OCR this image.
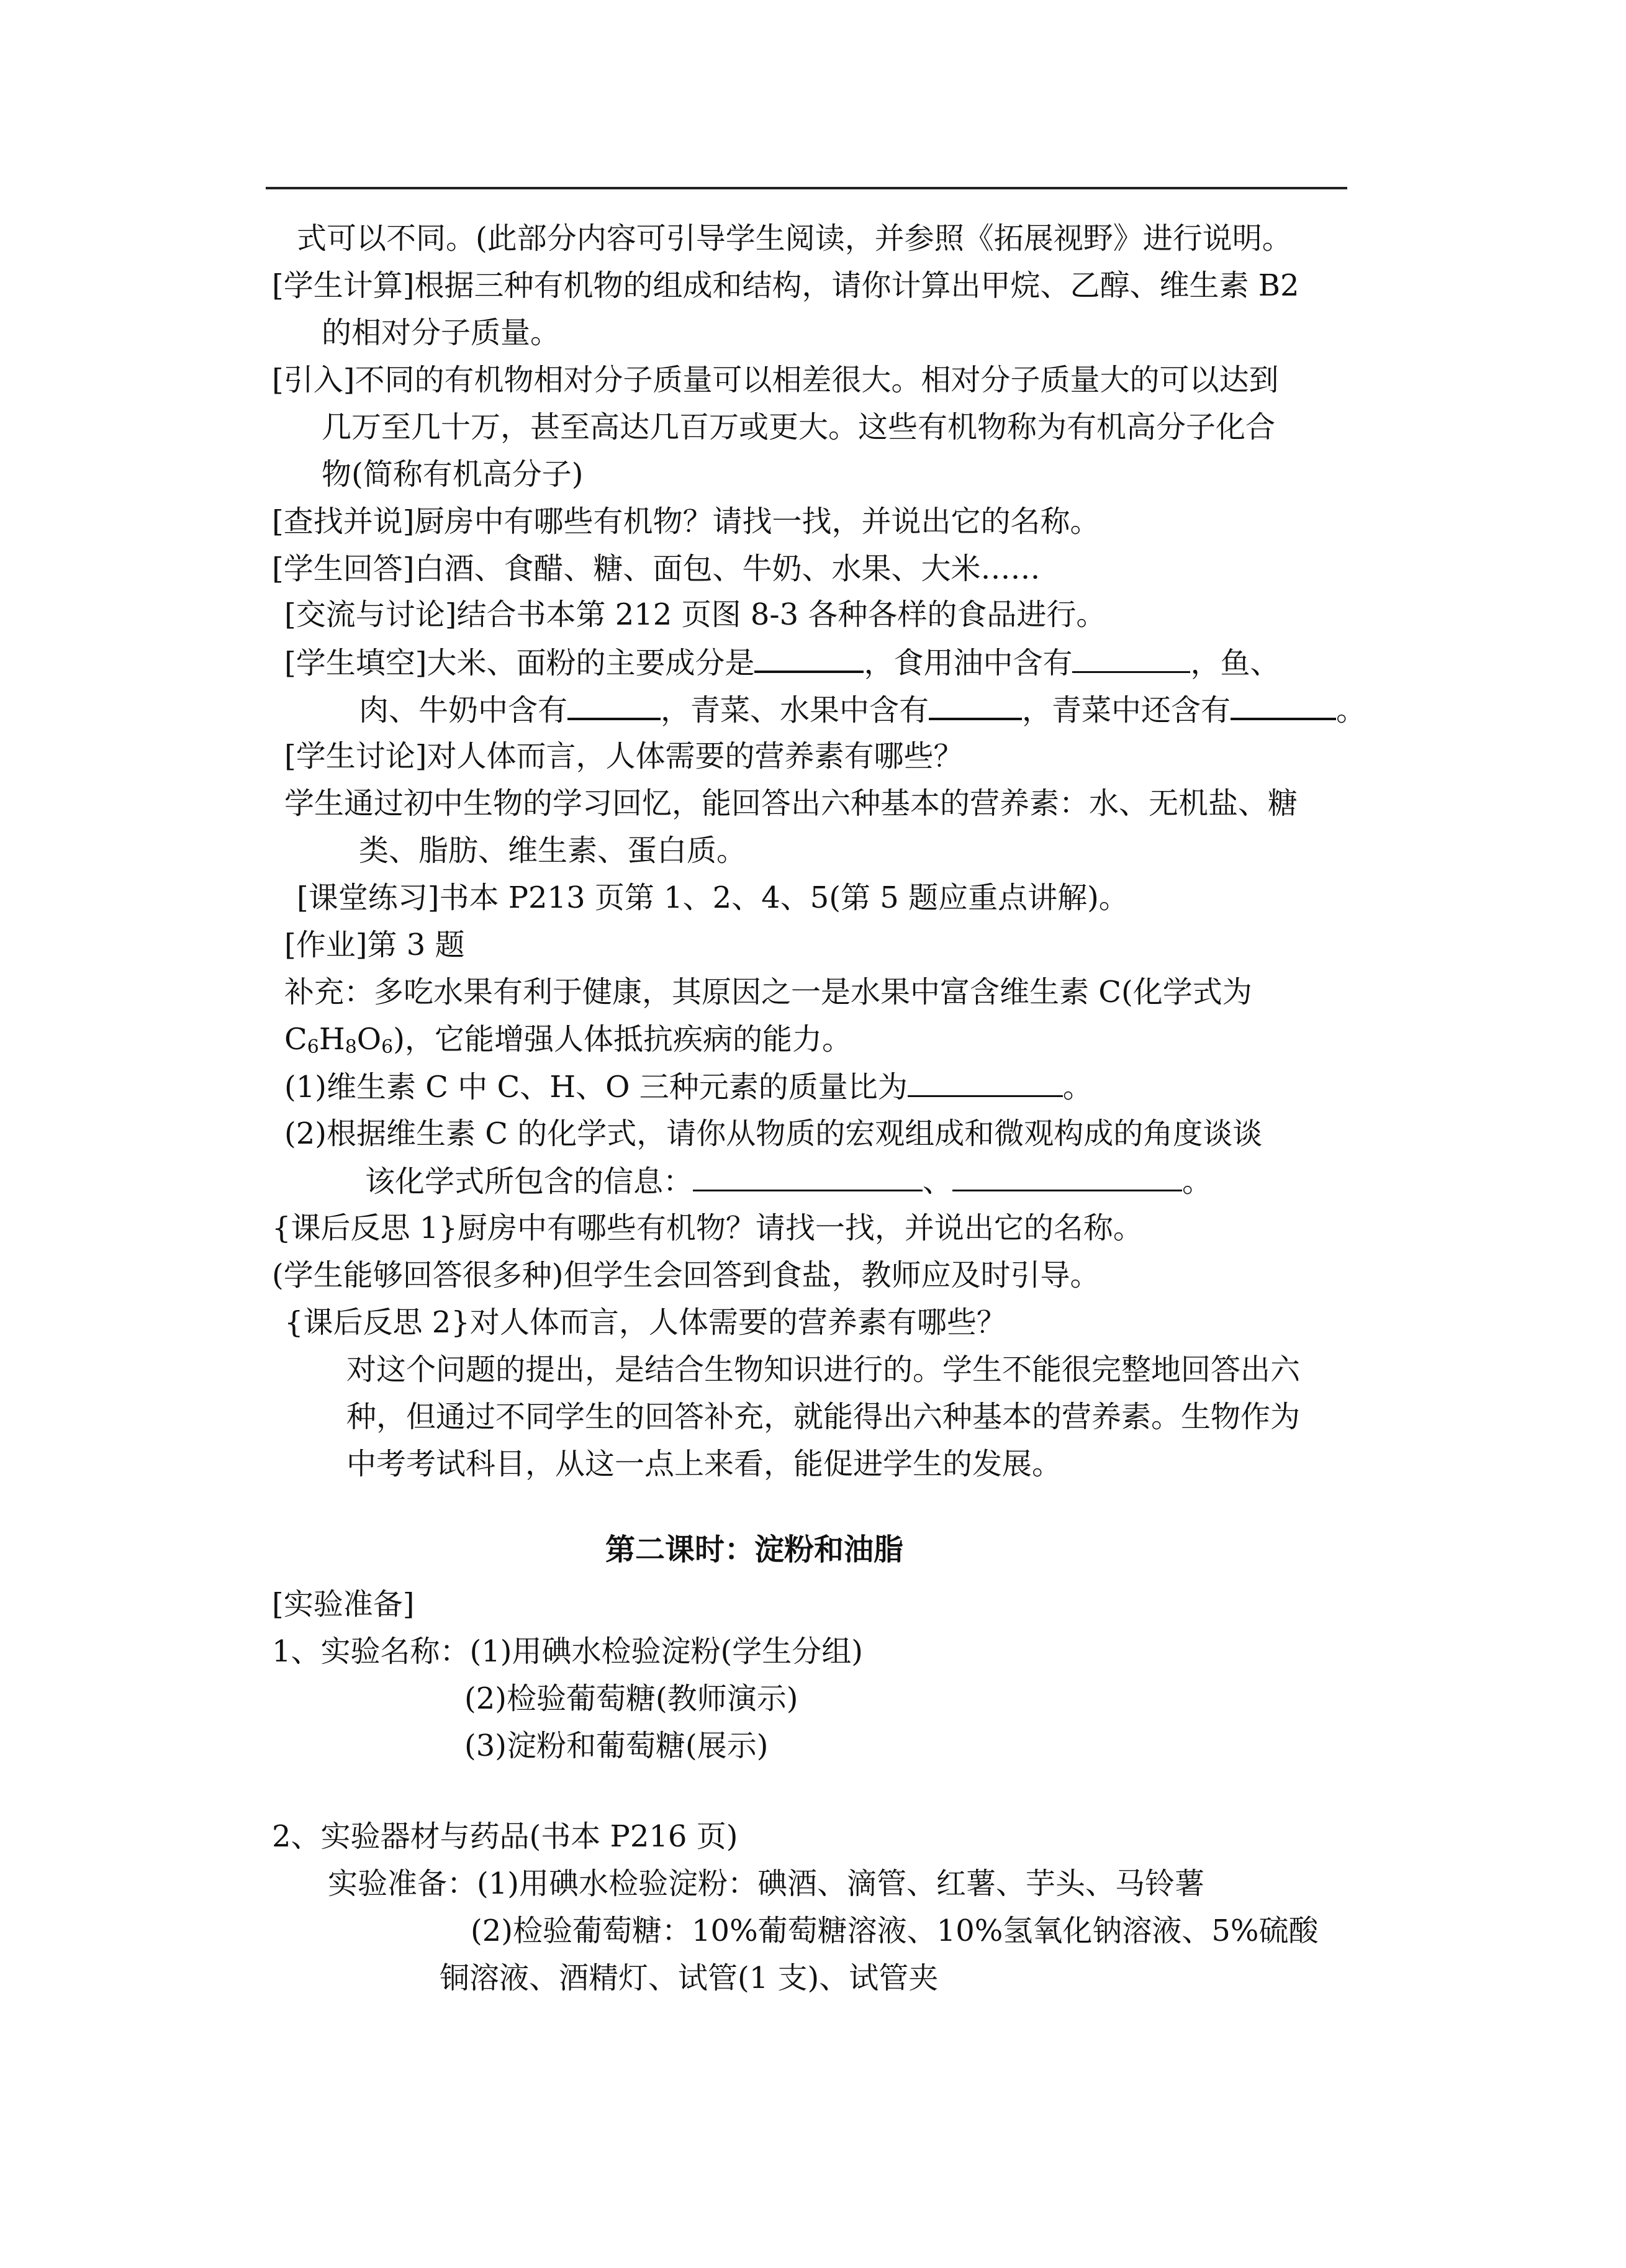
式可以不同。(此部分内容可引导学生阅读，并参照《拓展视野》进行说明。
[学生计算]根据三种有机物的组成和结构，请你计算出甲烷、乙醇、维生素 B2
的相对分子质量。
[引入]不同的有机物相对分子质量可以相差很大。相对分子质量大的可以达到
几万至几十万，甚至高达几百万或更大。这些有机物称为有机高分子化合
物(简称有机高分子)
[查找并说]厨房中有哪些有机物？请找一找，并说出它的名称。
[学生回答]白酒、食醋、糖、面包、牛奶、水果、大米……
[交流与讨论]结合书本第 212 页图 8-3 各种各样的食品进行。
[学生填空]大米、面粉的主要成分是	，食用油中含有	，鱼、
肉、牛奶中含有	，青菜、水果中含有	，青菜中还含有	。
[学生讨论]对人体而言，人体需要的营养素有哪些？
学生通过初中生物的学习回忆，能回答出六种基本的营养素：水、无机盐、糖
类、脂肪、维生素、蛋白质。
[课堂练习]书本 P213 页第 1、2、4、5(第 5 题应重点讲解)。
[作业]第 3 题
补充：多吃水果有利于健康，其原因之一是水果中富含维生素 C(化学式为
$C_6H_8O_6$)，它能增强人体抵抗疾病的能力。
(1)维生素 C 中 C、H、O 三种元素的质量比为	。
(2)根据维生素 C 的化学式，请你从物质的宏观组成和微观构成的角度谈谈
该化学式所包含的信息：	、	。
{课后反思 1}厨房中有哪些有机物？请找一找，并说出它的名称。
(学生能够回答很多种)但学生会回答到食盐，教师应及时引导。
{课后反思 2}对人体而言，人体需要的营养素有哪些？
对这个问题的提出，是结合生物知识进行的。学生不能很完整地回答出六
种，但通过不同学生的回答补充，就能得出六种基本的营养素。生物作为
中考考试科目，从这一点上来看，能促进学生的发展。
第二课时：淀粉和油脂
[实验准备]
1、实验名称：(1)用碘水检验淀粉(学生分组)
(2)检验葡萄糖(教师演示)
(3)淀粉和葡萄糖(展示)
2、实验器材与药品(书本 P216 页)
实验准备：(1)用碘水检验淀粉：碘酒、滴管、红薯、芋头、马铃薯
(2)检验葡萄糖：10%葡萄糖溶液、10%氢氧化钠溶液、5%硫酸
铜溶液、酒精灯、试管(1 支)、试管夹
